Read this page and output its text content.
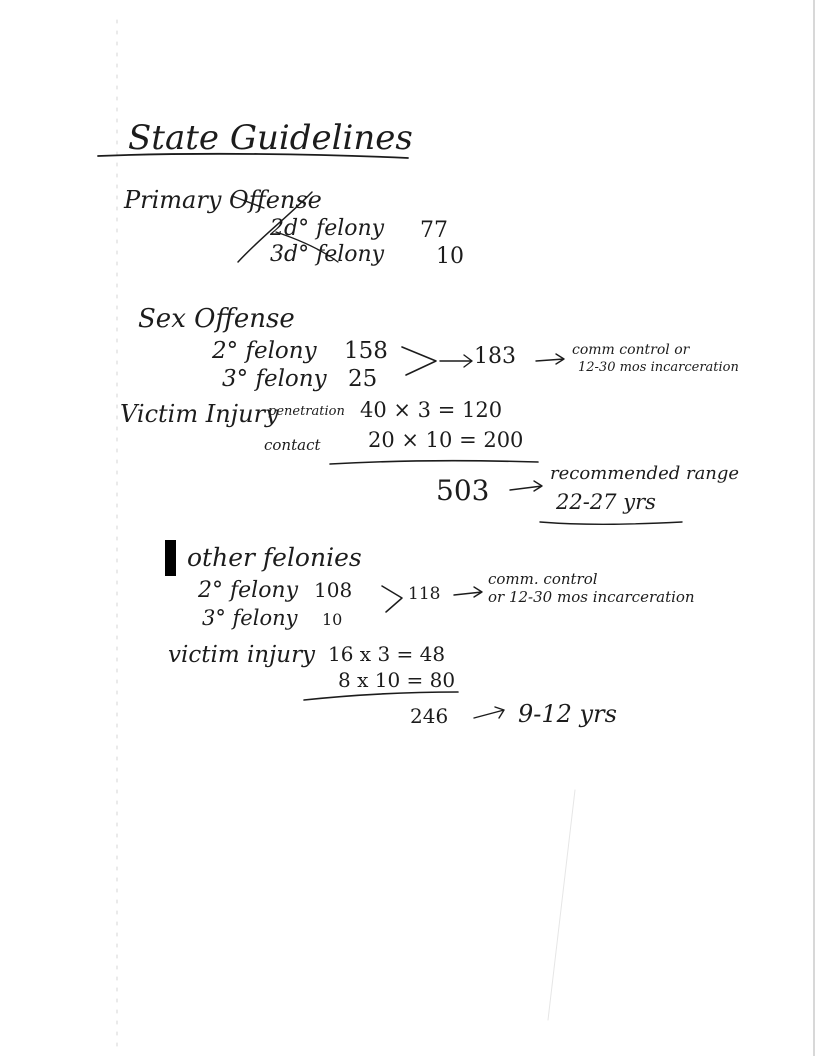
State Guidelines
Primary Offense
2d° felony 77
3d° felony 10
Sex Offense
2° felony 158
3° felony 25
183	comm control or
12-30 mos incarceration
Victim Injury
penetration 40 × 3 = 120
contact 20 × 10 = 200
503
recommended range
22-27 yrs
other felonies
2° felony 108
3° felony 10
118
comm. control
or 12-30 mos incarceration
victim injury 16 x 3 = 48
8 x 10 = 80
246	9-12 yrs
